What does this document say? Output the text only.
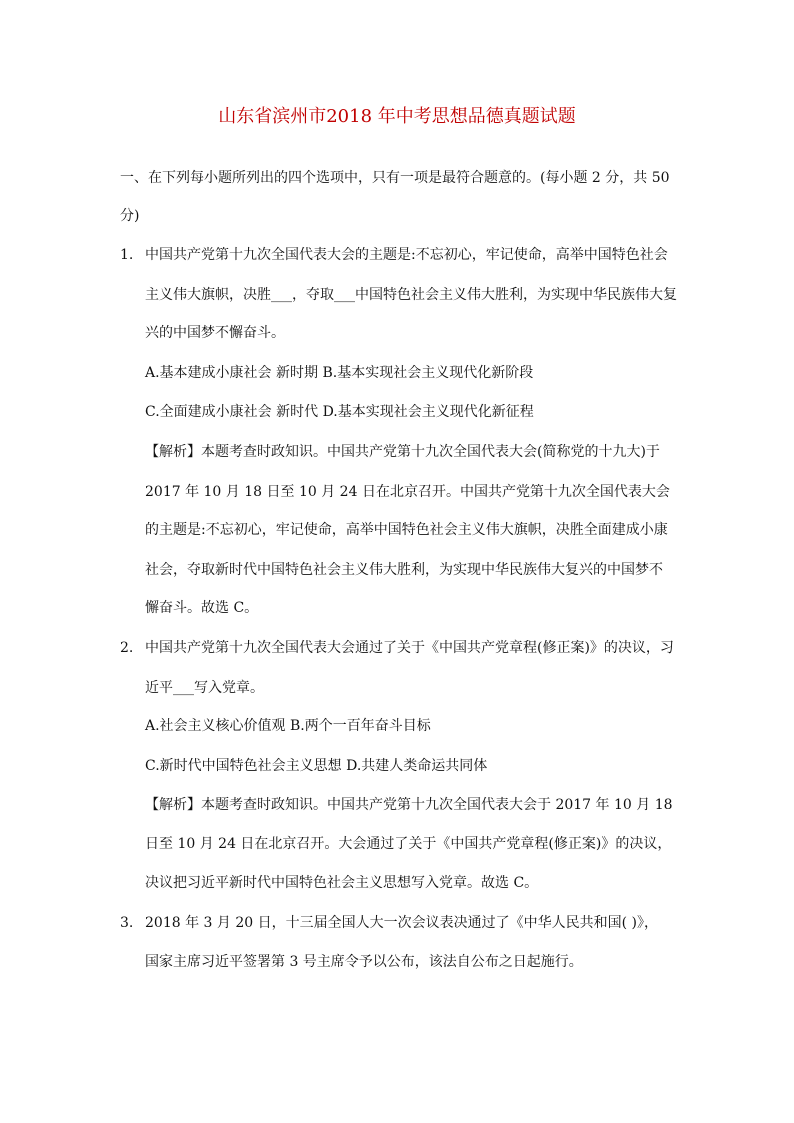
山东省滨州市2018 年中考思想品德真题试题
一、在下列每小题所列出的四个选项中，只有一项是最符合题意的。(每小题 2 分，共 50
分)
1. 中国共产党第十九次全国代表大会的主题是:不忘初心，牢记使命，高举中国特色社会
主义伟大旗帜，决胜___，夺取___中国特色社会主义伟大胜利，为实现中华民族伟大复
兴的中国梦不懈奋斗。
A.基本建成小康社会 新时期 B.基本实现社会主义现代化新阶段
C.全面建成小康社会 新时代 D.基本实现社会主义现代化新征程
【解析】本题考查时政知识。中国共产党第十九次全国代表大会(简称党的十九大)于
2017 年 10 月 18 日至 10 月 24 日在北京召开。中国共产党第十九次全国代表大会
的主题是:不忘初心，牢记使命，高举中国特色社会主义伟大旗帜，决胜全面建成小康
社会，夺取新时代中国特色社会主义伟大胜利，为实现中华民族伟大复兴的中国梦不
懈奋斗。故选 C。
2. 中国共产党第十九次全国代表大会通过了关于《中国共产党章程(修正案)》的决议，习
近平___写入党章。
A.社会主义核心价值观 B.两个一百年奋斗目标
C.新时代中国特色社会主义思想 D.共建人类命运共同体
【解析】本题考查时政知识。中国共产党第十九次全国代表大会于 2017 年 10 月 18
日至 10 月 24 日在北京召开。大会通过了关于《中国共产党章程(修正案)》的决议，
决议把习近平新时代中国特色社会主义思想写入党章。故选 C。
3. 2018 年 3 月 20 日，十三届全国人大一次会议表决通过了《中华人民共和国( )》，
国家主席习近平签署第 3 号主席令予以公布，该法自公布之日起施行。
